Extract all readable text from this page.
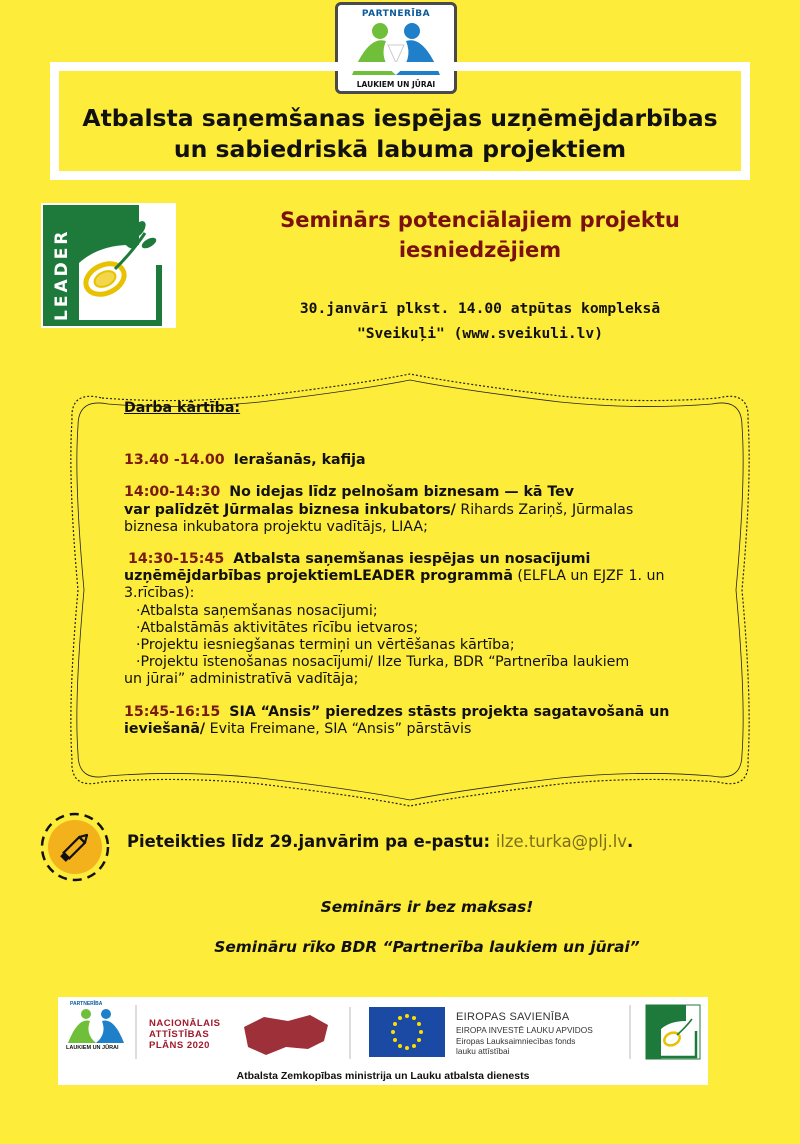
PARTNERĪBA
LAUKIEM UN JŪRAI
Atbalsta saņemšanas iespējas uzņēmējdarbības
un sabiedriskā labuma projektiem
LEADER
Seminārs potenciālajiem projektu
iesniedzējiem
30.janvārī plkst. 14.00 atpūtas kompleksā
"Sveikuļi" (www.sveikuli.lv)
Darba kārtība:
13.40 -14.00 Ierašanās, kafija
14:00-14:30 No idejas līdz pelnošam biznesam — kā Tev
var palīdzēt Jūrmalas biznesa inkubators/ Rihards Zariņš, Jūrmalas
biznesa inkubatora projektu vadītājs, LIAA;
14:30-15:45 Atbalsta saņemšanas iespējas un nosacījumi
uzņēmējdarbības projektiemLEADER programmā (ELFLA un EJZF 1. un
3.rīcības):
·Atbalsta saņemšanas nosacījumi;
·Atbalstāmās aktivitātes rīcību ietvaros;
·Projektu iesniegšanas termiņi un vērtēšanas kārtība;
·Projektu īstenošanas nosacījumi/ Ilze Turka, BDR “Partnerība laukiem
un jūrai” administratīvā vadītāja;
15:45-16:15 SIA “Ansis” pieredzes stāsts projekta sagatavošanā un
ieviešanā/ Evita Freimane, SIA “Ansis” pārstāvis
Pieteikties līdz 29.janvārim pa e-pastu: ilze.turka@plj.lv.
Seminārs ir bez maksas!
Semināru rīko BDR “Partnerība laukiem un jūrai”
PARTNERĪBA
LAUKIEM UN JŪRAI
NACIONĀLAIS
ATTĪSTĪBAS
PLĀNS 2020
EIROPAS SAVIENĪBA
EIROPA INVESTĒ LAUKU APVIDOS
Eiropas Lauksaimniecības fonds
lauku attīstībai
Atbalsta Zemkopības ministrija un Lauku atbalsta dienests
